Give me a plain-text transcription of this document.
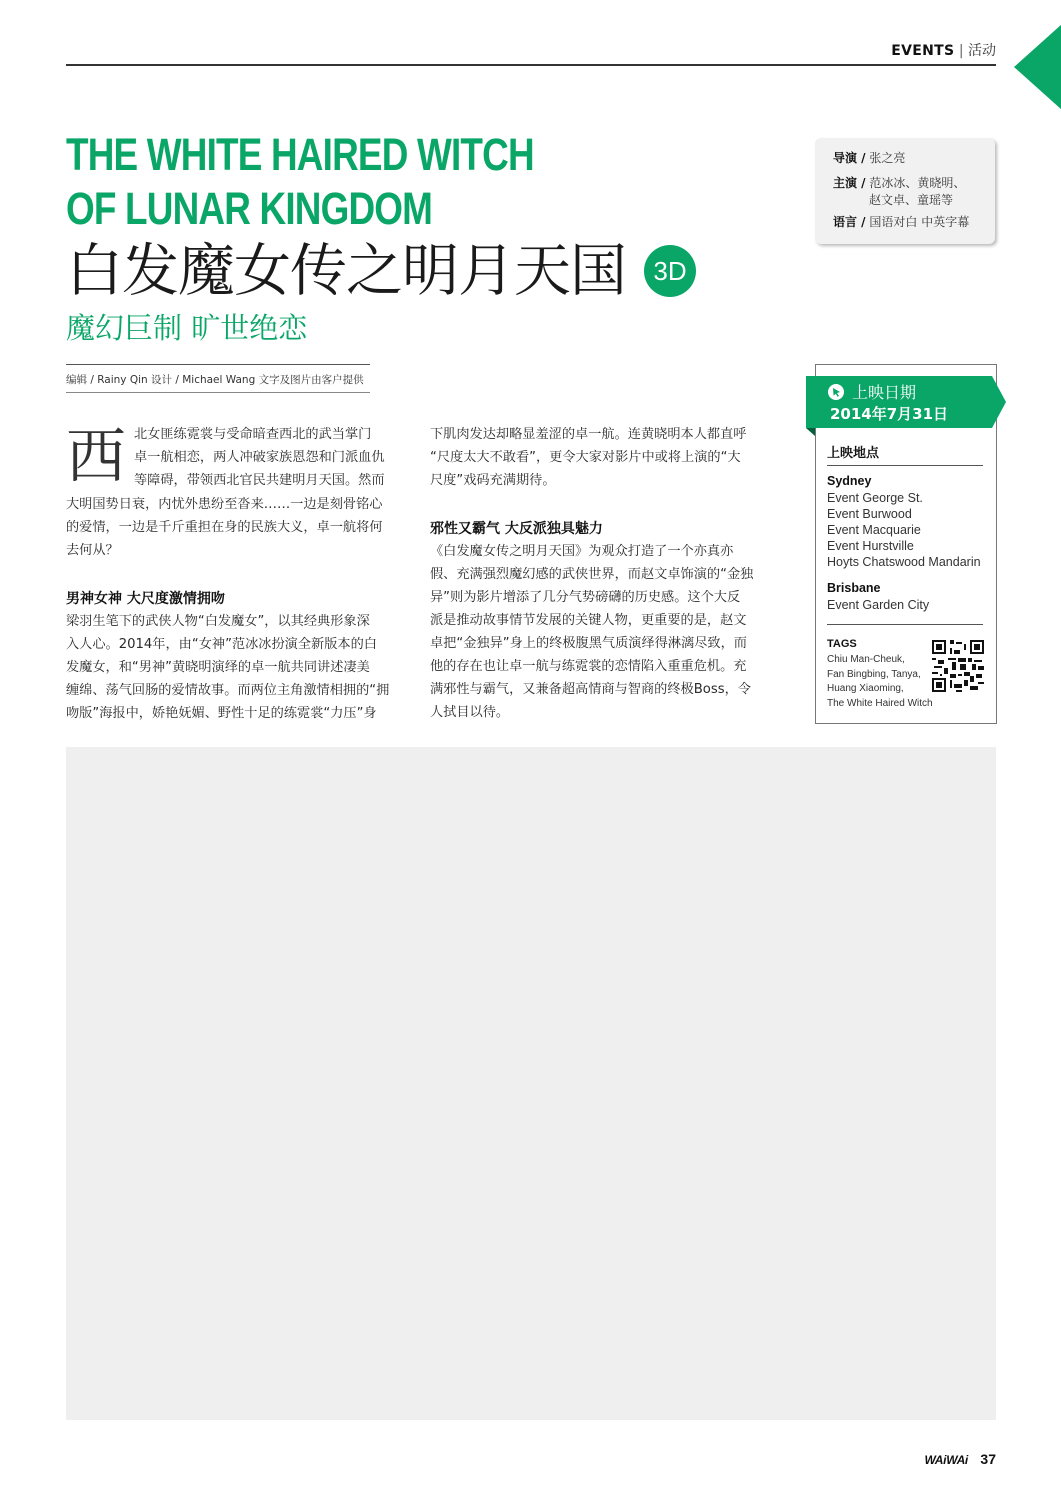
EVENTS | 活动
THE WHITE HAIRED WITCH
OF LUNAR KINGDOM
白发魔女传之明月天国	3D
魔幻巨制 旷世绝恋
编辑 / Rainy Qin 设计 / Michael Wang 文字及图片由客户提供
导演 / 张之亮
主演 / 范冰冰、黄晓明、
赵文卓、童瑶等
语言 / 国语对白 中英字幕
西 北女匪练霓裳与受命暗查西北的武当掌门
卓一航相恋，两人冲破家族恩怨和门派血仇
等障碍，带领西北官民共建明月天国。然而
大明国势日衰，内忧外患纷至沓来……一边是刻骨铭心
的爱情，一边是千斤重担在身的民族大义，卓一航将何
去何从？
男神女神 大尺度激情拥吻
梁羽生笔下的武侠人物“白发魔女”，以其经典形象深
入人心。2014年，由“女神”范冰冰扮演全新版本的白
发魔女，和“男神”黄晓明演绎的卓一航共同讲述凄美
缠绵、荡气回肠的爱情故事。而两位主角激情相拥的“拥
吻版”海报中，娇艳妩媚、野性十足的练霓裳“力压”身
下肌肉发达却略显羞涩的卓一航。连黄晓明本人都直呼
“尺度太大不敢看”，更令大家对影片中或将上演的“大
尺度”戏码充满期待。
邪性又霸气 大反派独具魅力
《白发魔女传之明月天国》为观众打造了一个亦真亦
假、充满强烈魔幻感的武侠世界，而赵文卓饰演的“金独
异”则为影片增添了几分气势磅礴的历史感。这个大反
派是推动故事情节发展的关键人物，更重要的是，赵文
卓把“金独异”身上的终极腹黑气质演绎得淋漓尽致，而
他的存在也让卓一航与练霓裳的恋情陷入重重危机。充
满邪性与霸气，又兼备超高情商与智商的终极Boss，令
人拭目以待。
上映日期
2014年7月31日
上映地点
Sydney
Event George St.
Event Burwood
Event Macquarie
Event Hurstville
Hoyts Chatswood Mandarin
Brisbane
Event Garden City
TAGS
Chiu Man-Cheuk,
Fan Bingbing, Tanya,
Huang Xiaoming,
The White Haired Witch
WAiWAi 37
